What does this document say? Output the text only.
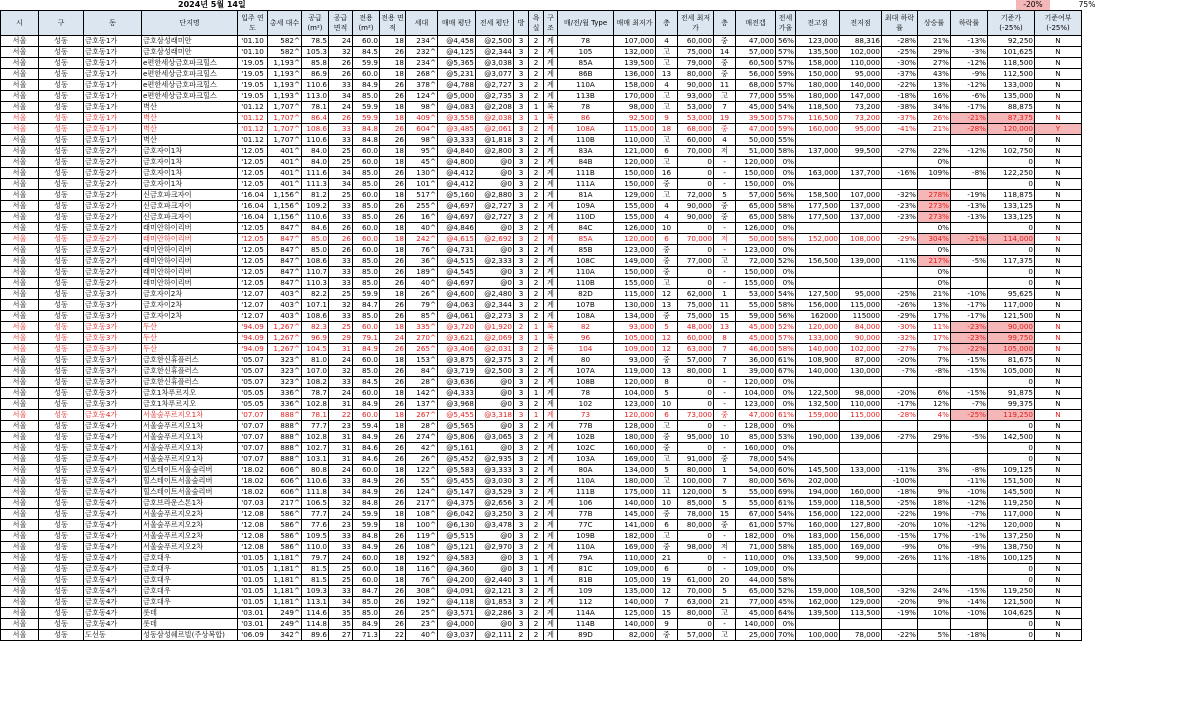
2024년 5월 14일	-20%	75%
시	구	동	단지명	입주 연도	총세 대수	공급 (m²)	공급 면적	전용 (m²)	전용 면적	세대	매매 평단	전세 평단	방	욕 실	구 조	매/전/월 Type	매매 최저가	층	전세 최저가	층	매전갭	전세 가율	전고점	전저점	최대 하락률	상승률	하락률	기준가 (-25%)	기준여부 (-25%)
서울	성동	금호동1가	금호삼성래미안	'01.10	582^	78.5	24	60.0	18	234^	@4,458	@2,500	3	2	계	78	107,000	4	60,000	중	47,000	56%	123,000	88,316	-28%	21%	-13%	92,250	N
서울	성동	금호동1가	금호삼성래미안	'01.10	582^	105.3	32	84.5	26	232^	@4,125	@2,344	3	2	계	105	132,000	고	75,000	14	57,000	57%	135,500	102,000	-25%	29%	-3%	101,625	N
서울	성동	금호동1가	e편한세상금호파크힐스	'19.05	1,193^	85.8	26	59.9	18	234^	@5,365	@3,038	3	2	계	85A	139,500	고	79,000	중	60,500	57%	158,000	110,000	-30%	27%	-12%	118,500	N
서울	성동	금호동1가	e편한세상금호파크힐스	'19.05	1,193^	86.9	26	60.0	18	268^	@5,231	@3,077	3	2	계	86B	136,000	13	80,000	중	56,000	59%	150,000	95,000	-37%	43%	-9%	112,500	N
서울	성동	금호동1가	e편한세상금호파크힐스	'19.05	1,193^	110.6	33	84.9	26	378^	@4,788	@2,727	3	2	계	110A	158,000	4	90,000	11	68,000	57%	180,000	140,000	-22%	13%	-12%	133,000	N
서울	성동	금호동1가	e편한세상금호파크힐스	'19.05	1,193^	113.0	34	85.0	26	124^	@5,000	@2,735	3	2	계	113B	170,000	고	93,000	고	77,000	55%	180,000	147,000	-18%	16%	-6%	135,000	N
서울	성동	금호동1가	벽산	'01.12	1,707^	78.1	24	59.9	18	98^	@4,083	@2,208	3	1	복	78	98,000	고	53,000	7	45,000	54%	118,500	73,200	-38%	34%	-17%	88,875	N
서울	성동	금호동1가	벽산	'01.12	1,707^	86.4	26	59.9	18	409^	@3,558	@2,038	3	1	복	86	92,500	9	53,000	19	39,500	57%	116,500	73,200	-37%	26%	-21%	87,375	N
서울	성동	금호동1가	벽산	'01.12	1,707^	108.6	33	84.8	26	604^	@3,485	@2,061	3	2	계	108A	115,000	18	68,000	중	47,000	59%	160,000	95,000	-41%	21%	-28%	120,000	Y
서울	성동	금호동1가	벽산	'01.12	1,707^	110.6	33	84.8	26	98^	@3,333	@1,818	3	2	계	110B	110,000	고	60,000	4	50,000	55%						0	N
서울	성동	금호동2가	금호자이1차	'12.05	401^	84.0	25	60.0	18	95^	@4,840	@2,800	3	2	계	83A	121,000	6	70,000	저	51,000	58%	137,000	99,500	-27%	22%	-12%	102,750	N
서울	성동	금호동2가	금호자이1차	'12.05	401^	84.0	25	60.0	18	45^	@4,800	@0	3	2	계	84B	120,000	고	0	-	120,000	0%				0%		0	N
서울	성동	금호동2가	금호자이1차	'12.05	401^	111.6	34	85.0	26	130^	@4,412	@0	3	2	계	111B	150,000	16	0	-	150,000	0%	163,000	137,700	-16%	109%	-8%	122,250	N
서울	성동	금호동2가	금호자이1차	'12.05	401^	111.3	34	85.0	26	101^	@4,412	@0	3	2	계	111A	150,000	중	0	-	150,000	0%						0	N
서울	성동	금호동2가	신금호파크자이	'16.04	1,156^	81.2	25	60.0	18	517^	@5,160	@2,880	3	2	계	81A	129,000	고	72,000	5	57,000	56%	158,500	107,000	-32%	278%	-19%	118,875	N
서울	성동	금호동2가	신금호파크자이	'16.04	1,156^	109.2	33	85.0	26	255^	@4,697	@2,727	3	2	계	109A	155,000	4	90,000	중	65,000	58%	177,500	137,000	-23%	273%	-13%	133,125	N
서울	성동	금호동2가	신금호파크자이	'16.04	1,156^	110.6	33	85.0	26	16^	@4,697	@2,727	3	2	계	110D	155,000	4	90,000	중	65,000	58%	177,500	137,000	-23%	273%	-13%	133,125	N
서울	성동	금호동2가	래미안하이리버	'12.05	847^	84.6	26	60.0	18	40^	@4,846	@0	3	2	계	84C	126,000	10	0	-	126,000	0%				0%		0	N
서울	성동	금호동2가	래미안하이리버	'12.05	847^	85.0	26	60.0	18	242^	@4,615	@2,692	3	2	계	85A	120,000	6	70,000	저	50,000	58%	152,000	108,000	-29%	304%	-21%	114,000	N
서울	성동	금호동2가	래미안하이리버	'12.05	847^	85.0	26	60.0	18	76^	@4,731	@0	3	2	계	85B	123,000	중	0	-	123,000	0%				0%		0	N
서울	성동	금호동2가	래미안하이리버	'12.05	847^	108.6	33	85.0	26	36^	@4,515	@2,333	3	2	계	108C	149,000	중	77,000	고	72,000	52%	156,500	139,000	-11%	217%	-5%	117,375	N
서울	성동	금호동2가	래미안하이리버	'12.05	847^	110.7	33	85.0	26	189^	@4,545	@0	3	2	계	110A	150,000	중	0	-	150,000	0%				0%		0	N
서울	성동	금호동2가	래미안하이리버	'12.05	847^	110.3	33	85.0	26	40^	@4,697	@0	3	2	계	110B	155,000	고	0	-	155,000	0%				0%		0	N
서울	성동	금호동3가	금호자이2차	'12.07	403^	82.2	25	59.9	18	26^	@4,600	@2,480	3	2	계	82D	115,000	12	62,000	1	53,000	54%	127,500	95,000	-25%	21%	-10%	95,625	N
서울	성동	금호동3가	금호자이2차	'12.07	403^	107.1	32	84.7	26	79^	@4,063	@2,344	3	2	계	107B	130,000	13	75,000	11	55,000	58%	156,000	115,000	-26%	13%	-17%	117,000	N
서울	성동	금호동3가	금호자이2차	'12.07	403^	108.6	33	85.0	26	85^	@4,061	@2,273	3	2	계	108A	134,000	중	75,000	15	59,000	56%	162000	115000	-29%	17%	-17%	121,500	N
서울	성동	금호동3가	두산	'94.09	1,267^	82.3	25	60.0	18	335^	@3,720	@1,920	2	1	복	82	93,000	5	48,000	13	45,000	52%	120,000	84,000	-30%	11%	-23%	90,000	N
서울	성동	금호동3가	두산	'94.09	1,267^	96.9	29	79.1	24	270^	@3,621	@2,069	3	1	복	96	105,000	12	60,000	8	45,000	57%	133,000	90,000	-32%	17%	-23%	99,750	N
서울	성동	금호동3가	두산	'94.09	1,267^	104.5	31	84.9	26	265^	@3,406	@2,031	3	2	복	104	109,000	12	63,000	7	46,000	58%	140,000	102,000	-27%	7%	-22%	105,000	N
서울	성동	금호동3가	금호한신휴플러스	'05.07	323^	81.0	24	60.0	18	153^	@3,875	@2,375	3	2	계	80	93,000	중	57,000	7	36,000	61%	108,900	87,000	-20%	7%	-15%	81,675	N
서울	성동	금호동3가	금호한신휴플러스	'05.07	323^	107.0	32	85.0	26	84^	@3,719	@2,500	3	2	계	107A	119,000	13	80,000	1	39,000	67%	140,000	130,000	-7%	-8%	-15%	105,000	N
서울	성동	금호동3가	금호한신휴플러스	'05.07	323^	108.2	33	84.5	26	28^	@3,636	@0	3	2	계	108B	120,000	8	0	-	120,000	0%						0	N
서울	성동	금호동3가	금호1차푸르지오	'05.05	336^	78.7	24	60.0	18	142^	@4,333	@0	3	1	계	78	104,000	5	0	-	104,000	0%	122,500	98,000	-20%	6%	-15%	91,875	N
서울	성동	금호동3가	금호1차푸르지오	'05.05	336^	102.8	31	84.9	26	137^	@3,968	@0	3	2	계	102	123,000	10	0	-	123,000	0%	132,500	110,000	-17%	12%	-7%	99,375	N
서울	성동	금호동4가	서울숲푸르지오1차	'07.07	888^	78.1	22	60.0	18	267^	@5,455	@3,318	3	1	계	73	120,000	6	73,000	중	47,000	61%	159,000	115,000	-28%	4%	-25%	119,250	N
서울	성동	금호동4가	서울숲푸르지오1차	'07.07	888^	77.7	23	59.4	18	28^	@5,565	@0	3	2	계	77B	128,000	고	0	-	128,000	0%						0	N
서울	성동	금호동4가	서울숲푸르지오1차	'07.07	888^	102.8	31	84.9	26	274^	@5,806	@3,065	3	2	계	102B	180,000	중	95,000	10	85,000	53%	190,000	139,006	-27%	29%	-5%	142,500	N
서울	성동	금호동4가	서울숲푸르지오1차	'07.07	888^	102.7	31	84.6	26	42^	@5,161	@0	3	2	계	102C	160,000	중	0	-	160,000	0%						0	N
서울	성동	금호동4가	서울숲푸르지오1차	'07.07	888^	103.1	31	84.6	26	26^	@5,452	@2,935	3	2	계	103A	169,000	고	91,000	중	78,000	54%						0	N
서울	성동	금호동4가	힐스테이트서울숲리버	'18.02	606^	80.8	24	60.0	18	122^	@5,583	@3,333	3	2	계	80A	134,000	5	80,000	1	54,000	60%	145,500	133,000	-11%	3%	-8%	109,125	N
서울	성동	금호동4가	힐스테이트서울숲리버	'18.02	606^	110.6	33	84.9	26	55^	@5,455	@3,030	3	2	계	110A	180,000	고	100,000	7	80,000	56%	202,000		-100%		-11%	151,500	N
서울	성동	금호동4가	힐스테이트서울숲리버	'18.02	606^	111.8	34	84.9	26	124^	@5,147	@3,529	3	2	계	111B	175,000	11	120,000	5	55,000	69%	194,000	160,000	-18%	9%	-10%	145,500	N
서울	성동	금호동4가	금호브라운스톤1차	'07.03	217^	106.5	32	84.8	26	217^	@4,375	@2,656	3	2	계	106	140,000	10	85,000	5	55,000	61%	159,000	118,500	-25%	18%	-12%	119,250	N
서울	성동	금호동4가	서울숲푸르지오2차	'12.08	586^	77.7	24	59.9	18	108^	@6,042	@3,250	3	2	계	77B	145,000	중	78,000	15	67,000	54%	156,000	122,000	-22%	19%	-7%	117,000	N
서울	성동	금호동4가	서울숲푸르지오2차	'12.08	586^	77.6	23	59.9	18	100^	@6,130	@3,478	3	2	계	77C	141,000	6	80,000	중	61,000	57%	160,000	127,800	-20%	10%	-12%	120,000	N
서울	성동	금호동4가	서울숲푸르지오2차	'12.08	586^	109.5	33	84.8	26	119^	@5,515	@0	3	2	계	109B	182,000	고	0	-	182,000	0%	183,000	156,000	-15%	17%	-1%	137,250	N
서울	성동	금호동4가	서울숲푸르지오2차	'12.08	586^	110.0	33	84.9	26	108^	@5,121	@2,970	3	2	계	110A	169,000	중	98,000	저	71,000	58%	185,000	169,000	-9%	0%	-9%	138,750	N
서울	성동	금호동4가	금호대우	'01.05	1,181^	79.7	24	60.0	18	192^	@4,583	@0	3	1	계	79A	110,000	21	0	-	110,000	0%	133,500	99,000	-26%	11%	-18%	100,125	N
서울	성동	금호동4가	금호대우	'01.05	1,181^	81.5	25	60.0	18	116^	@4,360	@0	3	1	계	81C	109,000	6	0	-	109,000	0%						0	N
서울	성동	금호동4가	금호대우	'01.05	1,181^	81.5	25	60.0	18	76^	@4,200	@2,440	3	1	계	81B	105,000	19	61,000	20	44,000	58%						0	N
서울	성동	금호동4가	금호대우	'01.05	1,181^	109.3	33	84.7	26	308^	@4,091	@2,121	3	2	계	109	135,000	12	70,000	5	65,000	52%	159,000	108,500	-32%	24%	-15%	119,250	N
서울	성동	금호동4가	금호대우	'01.05	1,181^	113.1	34	85.0	26	192^	@4,118	@1,853	3	2	계	112	140,000	7	63,000	21	77,000	45%	162,000	129,000	-20%	9%	-14%	121,500	N
서울	성동	금호동4가	롯데	'03.01	249^	114.6	35	85.0	26	25^	@3,571	@2,286	3	2	계	114A	125,000	15	80,000	고	45,000	64%	139,500	113,500	-19%	10%	-10%	104,625	N
서울	성동	금호동4가	롯데	'03.01	249^	114.8	35	84.9	26	23^	@4,000	@0	3	2	계	114B	140,000	9	0	-	140,000	0%						0	N
서울	성동	도선동	성동삼성쉐르빌(주상복합)	'06.09	342^	89.6	27	71.3	22	40^	@3,037	@2,111	2	2	계	89D	82,000	중	57,000	고	25,000	70%	100,000	78,000	-22%	5%	-18%	0	N
